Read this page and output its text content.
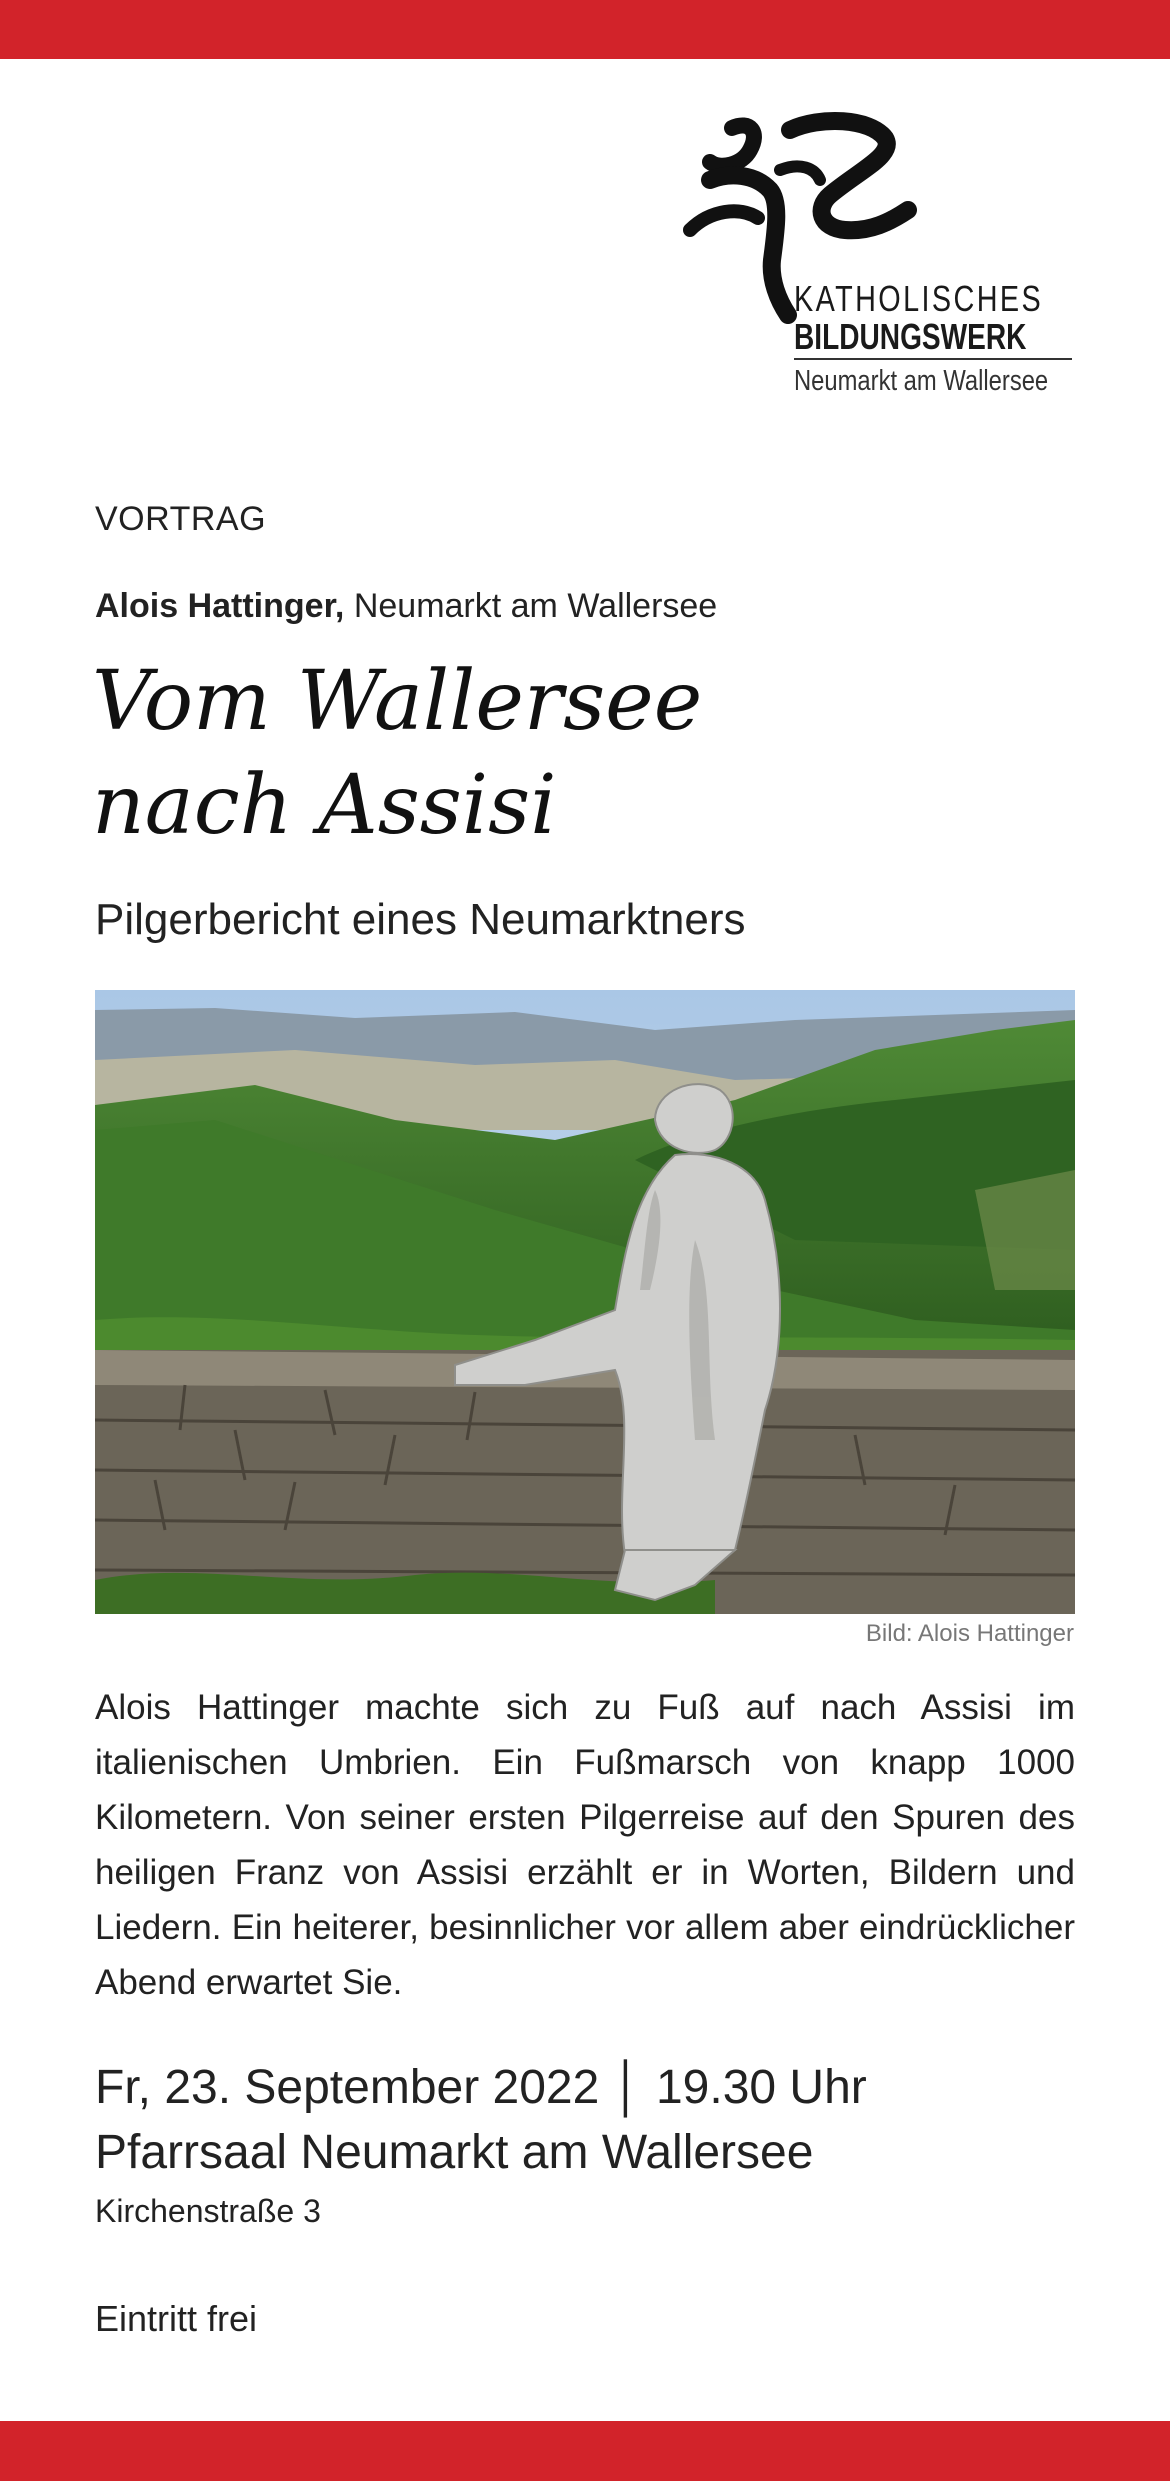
KATHOLISCHES
BILDUNGSWERK
Neumarkt am Wallersee
VORTRAG
Alois Hattinger, Neumarkt am Wallersee
Vom Wallersee
nach Assisi
Pilgerbericht eines Neumarktners
Bild: Alois Hattinger
Alois Hattinger machte sich zu Fuß auf nach Assisi im italienischen Umbrien. Ein Fußmarsch von knapp 1000 Kilometern. Von seiner ersten Pilgerreise auf den Spuren des heiligen Franz von Assisi erzählt er in Worten, Bildern und Liedern. Ein heiterer, besinnlicher vor allem aber eindrücklicher Abend erwartet Sie.
Fr, 23. September 2022 │ 19.30 Uhr
Pfarrsaal Neumarkt am Wallersee
Kirchenstraße 3
Eintritt frei
